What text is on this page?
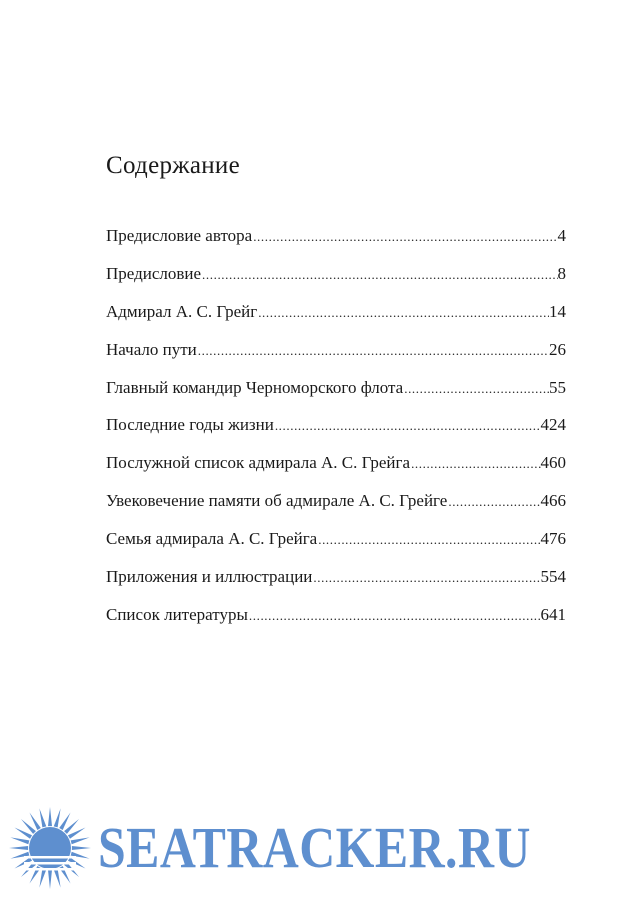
Содержание
Предисловие автора .....	4
Предисловие .....	8
Адмирал А. С. Грейг .....	14
Начало пути .....	26
Главный командир Черноморского флота .....	55
Последние годы жизни .....	424
Послужной список адмирала А. С. Грейга .....	460
Увековечение памяти об адмирале А. С. Грейге .....	466
Семья адмирала А. С. Грейга .....	476
Приложения и иллюстрации .....	554
Список литературы .....	641
SEATRACKER.RU
